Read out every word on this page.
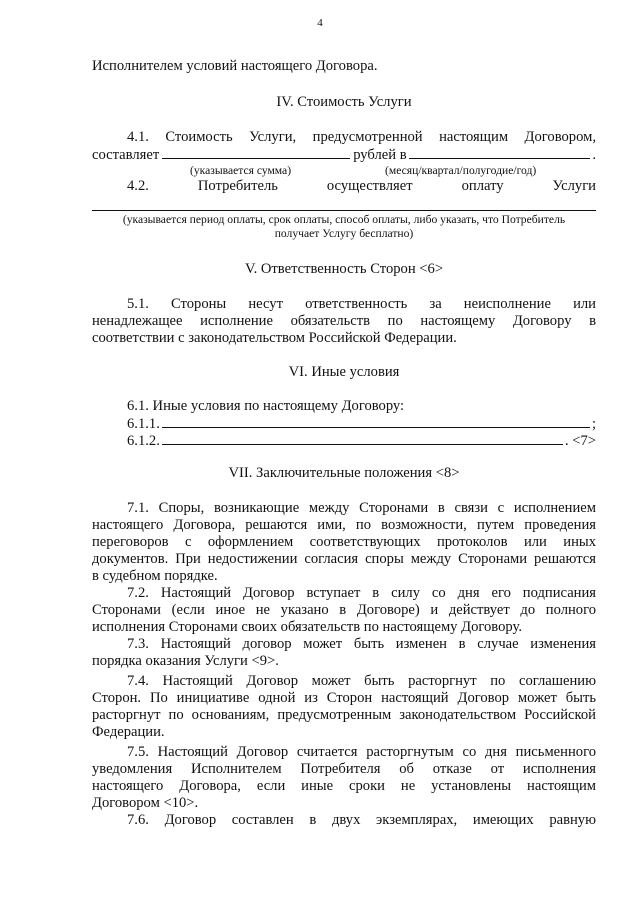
4
Исполнителем условий настоящего Договора.
IV. Стоимость Услуги
4.1. Стоимость Услуги, предусмотренной настоящим Договором,
составляет	рублей в	.
(указывается сумма)	(месяц/квартал/полугодие/год)
4.2. Потребитель осуществляет оплату Услуги
(указывается период оплаты, срок оплаты, способ оплаты, либо указать, что Потребитель
получает Услугу бесплатно)
V. Ответственность Сторон <6>
5.1. Стороны несут ответственность за неисполнение или
ненадлежащее исполнение обязательств по настоящему Договору в
соответствии с законодательством Российской Федерации.
VI. Иные условия
6.1. Иные условия по настоящему Договору:
6.1.1.	;
6.1.2.	. <7>
VII. Заключительные положения <8>
7.1. Споры, возникающие между Сторонами в связи с исполнением
настоящего Договора, решаются ими, по возможности, путем проведения
переговоров с оформлением соответствующих протоколов или иных
документов. При недостижении согласия споры между Сторонами решаются
в судебном порядке.
7.2. Настоящий Договор вступает в силу со дня его подписания
Сторонами (если иное не указано в Договоре) и действует до полного
исполнения Сторонами своих обязательств по настоящему Договору.
7.3. Настоящий договор может быть изменен в случае изменения
порядка оказания Услуги <9>.
7.4. Настоящий Договор может быть расторгнут по соглашению
Сторон. По инициативе одной из Сторон настоящий Договор может быть
расторгнут по основаниям, предусмотренным законодательством Российской
Федерации.
7.5. Настоящий Договор считается расторгнутым со дня письменного
уведомления Исполнителем Потребителя об отказе от исполнения
настоящего Договора, если иные сроки не установлены настоящим
Договором <10>.
7.6. Договор составлен в двух экземплярах, имеющих равную
